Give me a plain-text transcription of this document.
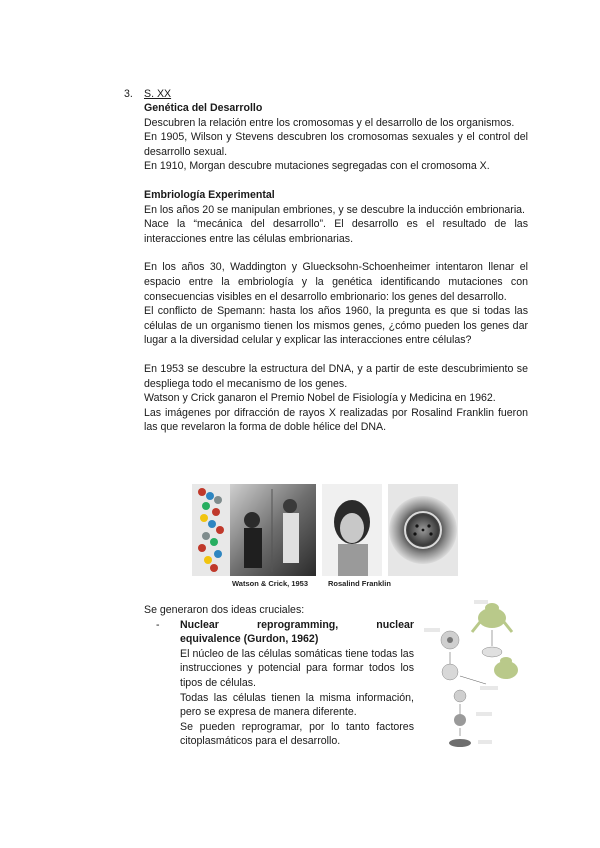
3. S. XX

Genética del Desarrollo

Descubren la relación entre los cromosomas y el desarrollo de los organismos.

En 1905, Wilson y Stevens descubren los cromosomas sexuales y el control del desarrollo sexual.

En 1910, Morgan descubre mutaciones segregadas con el cromosoma X.

Embriología Experimental

En los años 20 se manipulan embriones, y se descubre la inducción embrionaria.

Nace la “mecánica del desarrollo”. El desarrollo es el resultado de las interacciones entre las células embrionarias.

En los años 30, Waddington y Gluecksohn-Schoenheimer intentaron llenar el espacio entre la embriología y la genética identificando mutaciones con consecuencias visibles en el desarrollo embrionario: los genes del desarrollo.

El conflicto de Spemann: hasta los años 1960, la pregunta es que si todas las células de un organismo tienen los mismos genes, ¿cómo pueden los genes dar lugar a la diversidad celular y explicar las interacciones entre células?

En 1953 se descubre la estructura del DNA, y a partir de este descubrimiento se despliega todo el mecanismo de los genes.

Watson y Crick ganaron el Premio Nobel de Fisiología y Medicina en 1962.

Las imágenes por difracción de rayos X realizadas por Rosalind Franklin fueron las que revelaron la forma de doble hélice del DNA.

Watson & Crick, 1953	Rosalind Franklin

Se generaron dos ideas cruciales:

- Nuclear reprogramming, nuclear

equivalence (Gurdon, 1962)

El núcleo de las células somáticas tiene todas las instrucciones y potencial para formar todos los tipos de células.

Todas las células tienen la misma información, pero se expresa de manera diferente.

Se pueden reprogramar, por lo tanto factores citoplasmáticos para el desarrollo.
